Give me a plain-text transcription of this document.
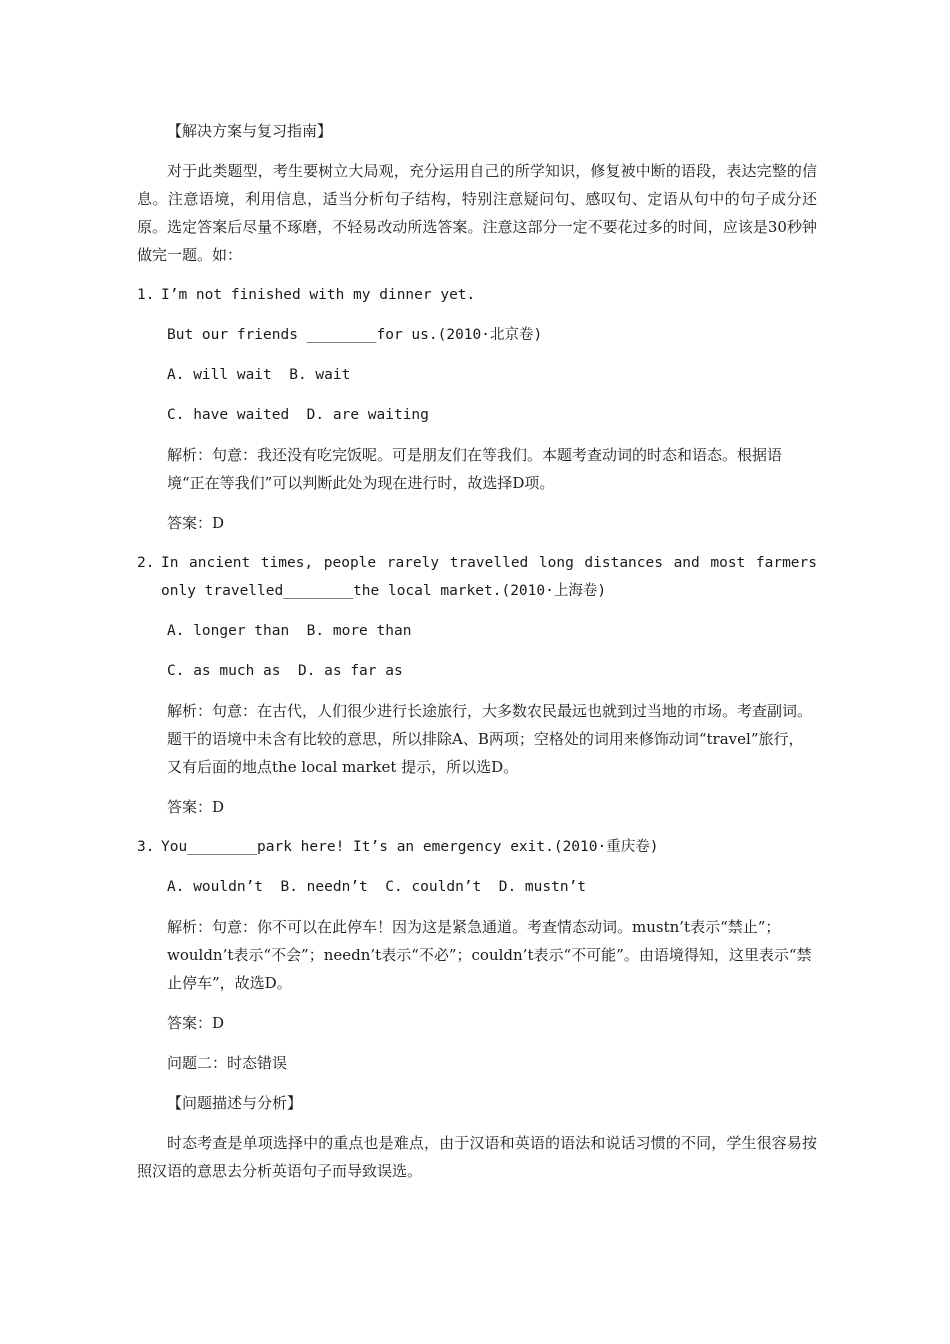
【解决方案与复习指南】

对于此类题型，考生要树立大局观，充分运用自己的所学知识，修复被中断的语段，表达完整的信息。注意语境，利用信息，适当分析句子结构，特别注意疑问句、感叹句、定语从句中的句子成分还原。选定答案后尽量不琢磨，不轻易改动所选答案。注意这部分一定不要花过多的时间，应该是30秒钟做完一题。如：

1. I’m not finished with my dinner yet.

But our friends ________for us.(2010·北京卷)

A. will wait  B. wait

C. have waited  D. are waiting

解析：句意：我还没有吃完饭呢。可是朋友们在等我们。本题考查动词的时态和语态。根据语境“正在等我们”可以判断此处为现在进行时，故选择D项。

答案：D

2. In ancient times, people rarely travelled long distances and most farmers only travelled________the local market.(2010·上海卷)

A. longer than  B. more than

C. as much as  D. as far as

解析：句意：在古代，人们很少进行长途旅行，大多数农民最远也就到过当地的市场。考查副词。题干的语境中未含有比较的意思，所以排除A、B两项；空格处的词用来修饰动词“travel”旅行，又有后面的地点the local market 提示，所以选D。

答案：D

3. You________park here! It’s an emergency exit.(2010·重庆卷)

A. wouldn’t  B. needn’t  C. couldn’t  D. mustn’t

解析：句意：你不可以在此停车！因为这是紧急通道。考查情态动词。mustn’t表示“禁止”；wouldn’t表示“不会”；needn’t表示“不必”；couldn’t表示“不可能”。由语境得知，这里表示“禁止停车”，故选D。

答案：D

问题二：时态错误

【问题描述与分析】

时态考查是单项选择中的重点也是难点，由于汉语和英语的语法和说话习惯的不同，学生很容易按照汉语的意思去分析英语句子而导致误选。
